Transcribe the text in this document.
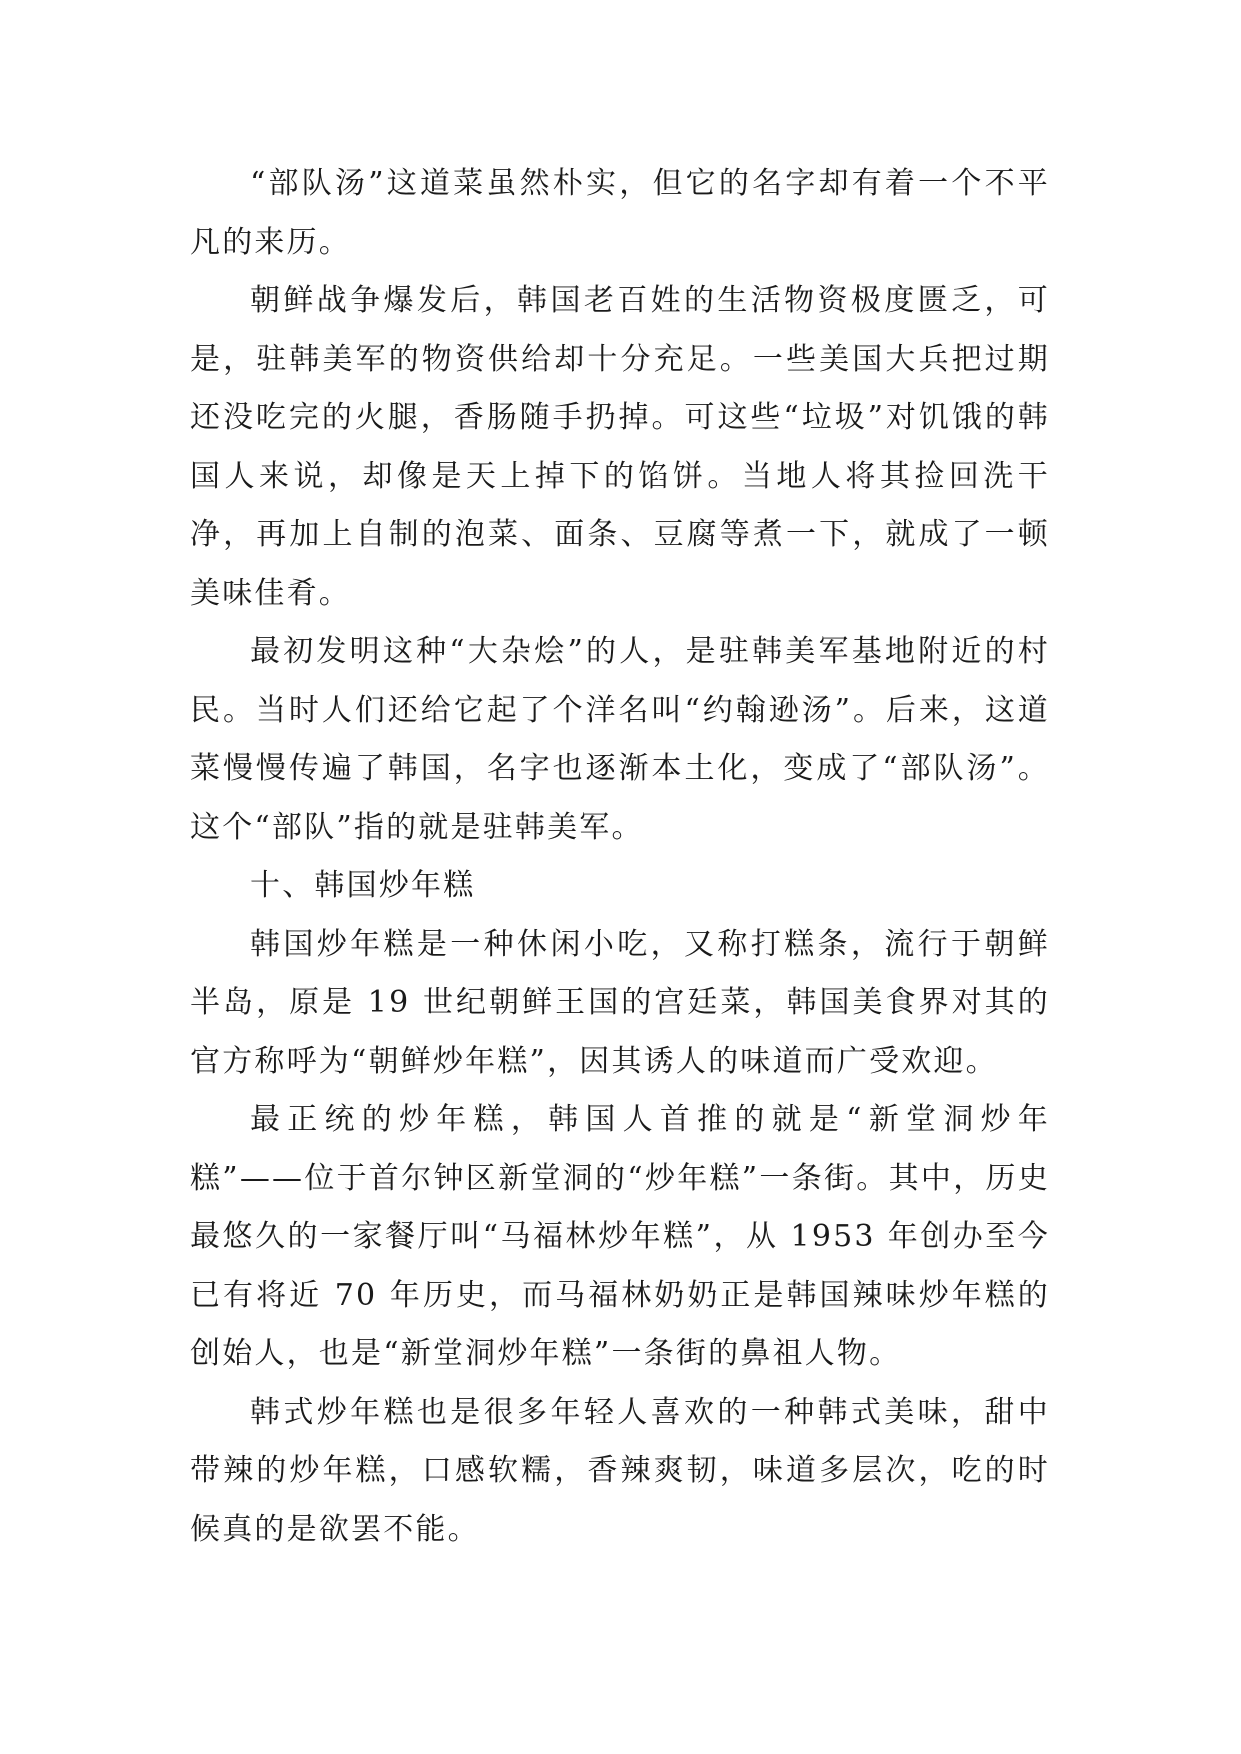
“部队汤”这道菜虽然朴实，但它的名字却有着一个不平凡的来历。

朝鲜战争爆发后，韩国老百姓的生活物资极度匮乏，可是，驻韩美军的物资供给却十分充足。一些美国大兵把过期还没吃完的火腿，香肠随手扔掉。可这些“垃圾”对饥饿的韩国人来说，却像是天上掉下的馅饼。当地人将其捡回洗干净，再加上自制的泡菜、面条、豆腐等煮一下，就成了一顿美味佳肴。

最初发明这种“大杂烩”的人，是驻韩美军基地附近的村民。当时人们还给它起了个洋名叫“约翰逊汤”。后来，这道菜慢慢传遍了韩国，名字也逐渐本土化，变成了“部队汤”。这个“部队”指的就是驻韩美军。

十、韩国炒年糕

韩国炒年糕是一种休闲小吃，又称打糕条，流行于朝鲜半岛，原是 19 世纪朝鲜王国的宫廷菜，韩国美食界对其的官方称呼为“朝鲜炒年糕”，因其诱人的味道而广受欢迎。

最正统的炒年糕，韩国人首推的就是“新堂洞炒年糕”——位于首尔钟区新堂洞的“炒年糕”一条街。其中，历史最悠久的一家餐厅叫“马福林炒年糕”，从 1953 年创办至今已有将近 70 年历史，而马福林奶奶正是韩国辣味炒年糕的创始人，也是“新堂洞炒年糕”一条街的鼻祖人物。

韩式炒年糕也是很多年轻人喜欢的一种韩式美味，甜中带辣的炒年糕，口感软糯，香辣爽韧，味道多层次，吃的时候真的是欲罢不能。
